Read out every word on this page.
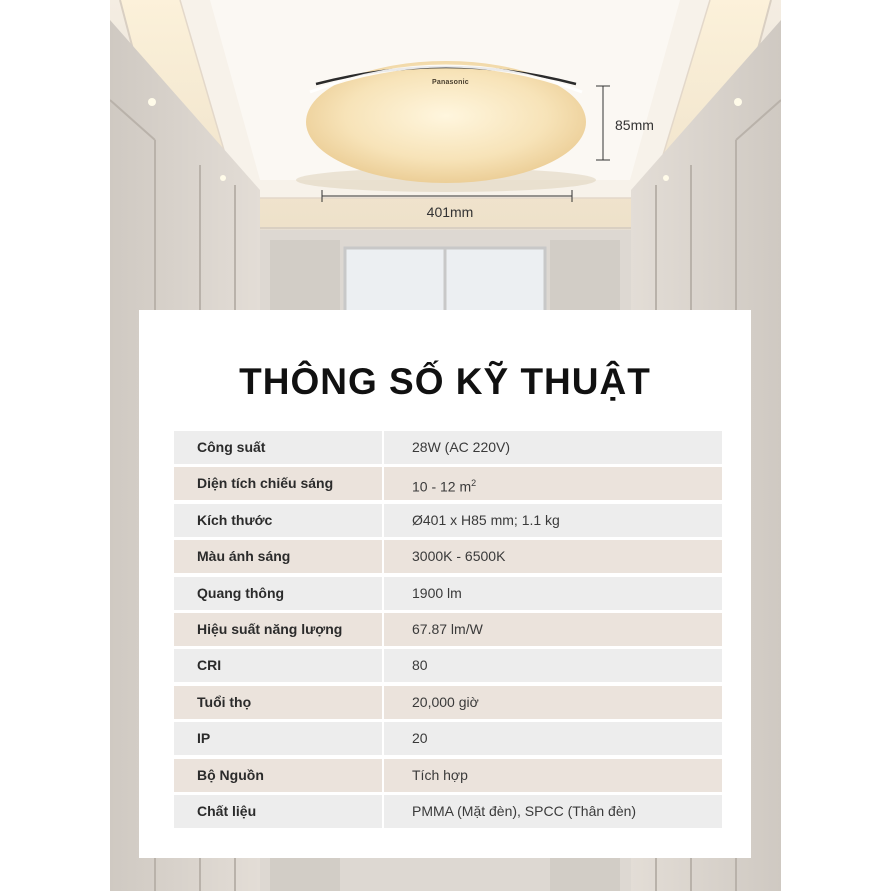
Panasonic
401mm
85mm
THÔNG SỐ KỸ THUẬT
Công suất	28W (AC 220V)
Diện tích chiếu sáng	10 - 12 $m^2$
Kích thước	Ø401 x H85 mm; 1.1 kg
Màu ánh sáng	3000K - 6500K
Quang thông	1900 lm
Hiệu suất năng lượng	67.87 lm/W
CRI	80
Tuổi thọ	20,000 giờ
IP	20
Bộ Nguồn	Tích hợp
Chất liệu	PMMA (Mặt đèn), SPCC (Thân đèn)
